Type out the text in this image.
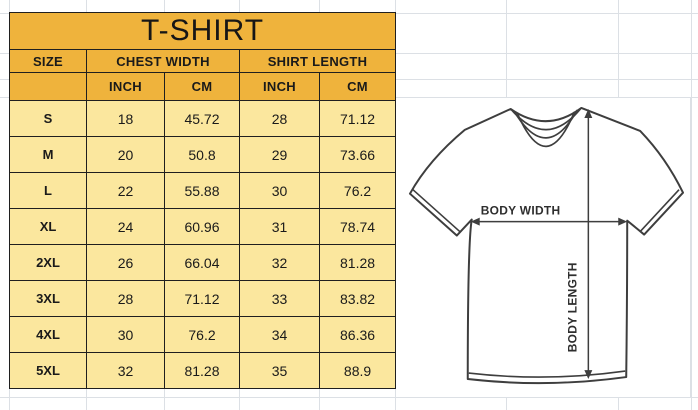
T-SHIRT				
SIZE	CHEST WIDTH		SHIRT LENGTH	
	INCH	CM	INCH	CM
S	18	45.72	28	71.12
M	20	50.8	29	73.66
L	22	55.88	30	76.2
XL	24	60.96	31	78.74
2XL	26	66.04	32	81.28
3XL	28	71.12	33	83.82
4XL	30	76.2	34	86.36
5XL	32	81.28	35	88.9
BODY WIDTH
BODY LENGTH
